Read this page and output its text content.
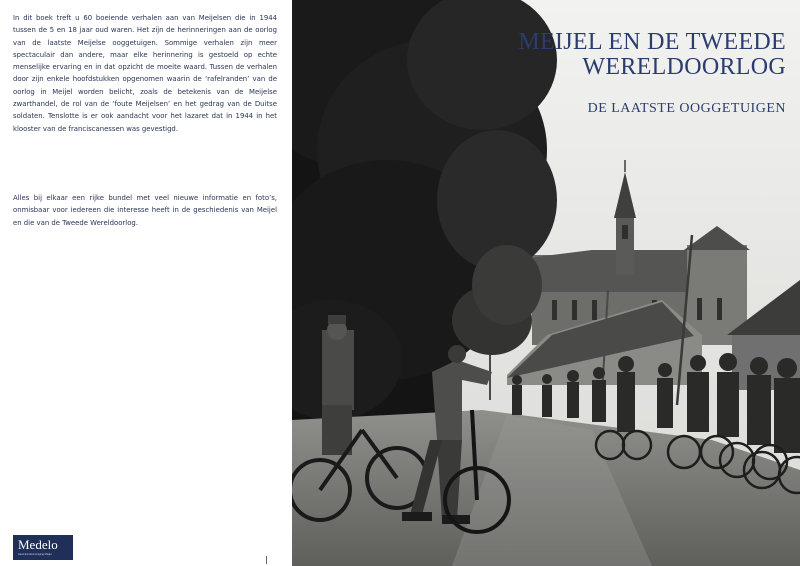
In dit boek treft u 60 boeiende verhalen aan van Meijelsen die in 1944 tussen de 5 en 18 jaar oud waren. Het zijn de herinneringen aan de oorlog van de laatste Meijelse ooggetuigen. Sommige verhalen zijn meer spectaculair dan andere, maar elke herinnering is gestoeld op echte menselijke ervaring en in dat opzicht de moeite waard. Tussen de verhalen door zijn enkele hoofdstukken opgenomen waarin de ‘rafelranden’ van de oorlog in Meijel worden belicht, zoals de betekenis van de Meijelse zwarthandel, de rol van de ‘foute Meijelsen’ en het gedrag van de Duitse soldaten. Tenslotte is er ook aandacht voor het lazaret dat in 1944 in het klooster van de franciscanessen was gevestigd.

Alles bij elkaar een rijke bundel met veel nieuwe informatie en foto’s, onmisbaar voor iedereen die interesse heeft in de geschiedenis van Meijel en die van de Tweede Wereldoorlog.

Medelo
Heemkundevereniging Meijel
MEIJEL EN DE TWEEDE
WERELDOORLOG

DE LAATSTE OOGGETUIGEN
